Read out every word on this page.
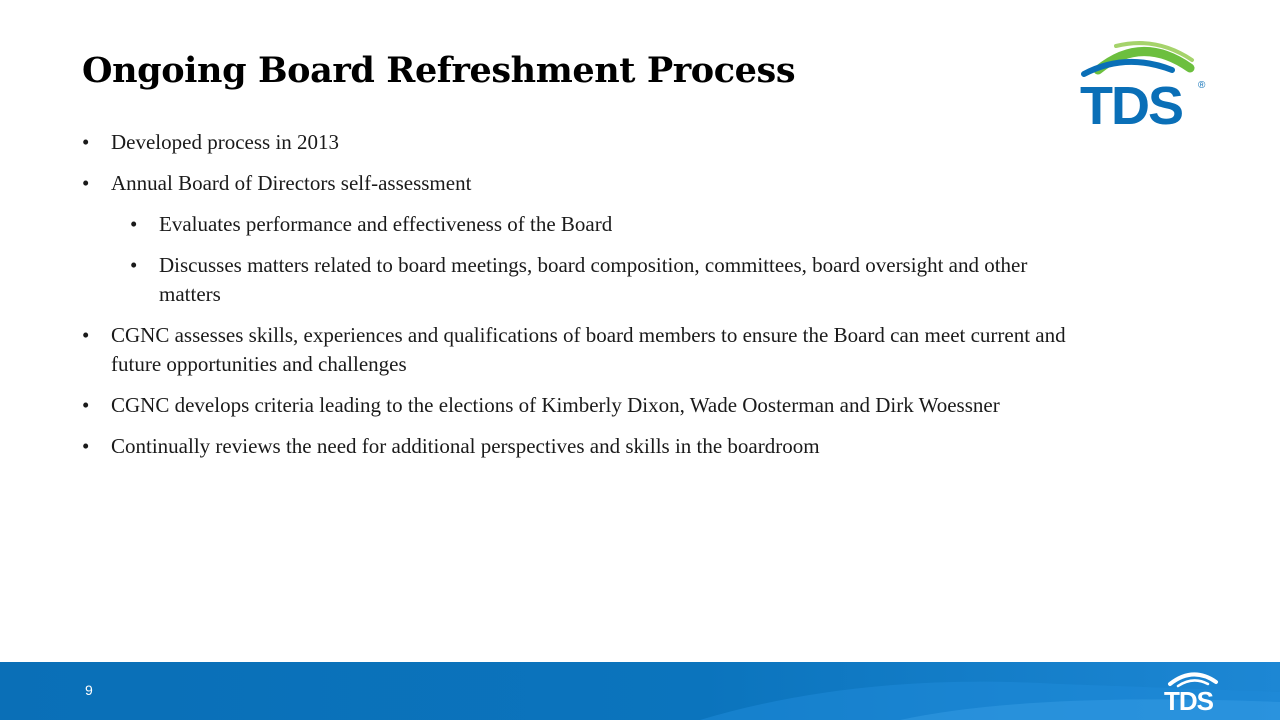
Ongoing Board Refreshment Process
TDS ®
• Developed process in 2013
• Annual Board of Directors self-assessment
• Evaluates performance and effectiveness of the Board
• Discusses matters related to board meetings, board composition, committees, board oversight and other matters
• CGNC assesses skills, experiences and qualifications of board members to ensure the Board can meet current and future opportunities and challenges
• CGNC develops criteria leading to the elections of Kimberly Dixon, Wade Oosterman and Dirk Woessner
• Continually reviews the need for additional perspectives and skills in the boardroom
9	TDS
